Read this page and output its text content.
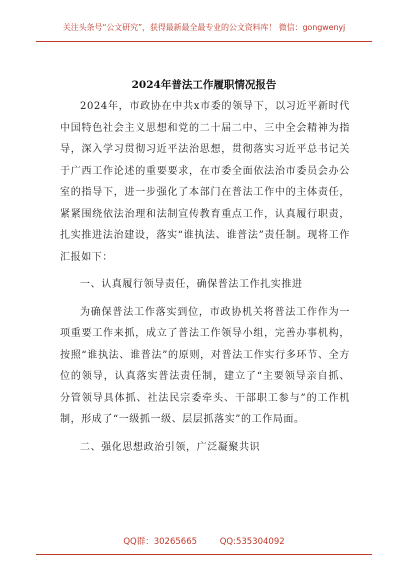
关注头条号“公文研究”，获得最新最全最专业的公文资料库！ 微信：gongwenyj
2024年普法工作履职情况报告

2024年，市政协在中共x市委的领导下，以习近平新时代中国特色社会主义思想和党的二十届二中、三中全会精神为指导，深入学习贯彻习近平法治思想，贯彻落实习近平总书记关于广西工作论述的重要要求，在市委全面依法治市委员会办公室的指导下，进一步强化了本部门在普法工作中的主体责任，紧紧围绕依法治理和法制宣传教育重点工作，认真履行职责，扎实推进法治建设，落实“谁执法、谁普法”责任制。现将工作汇报如下：

一、认真履行领导责任，确保普法工作扎实推进

为确保普法工作落实到位，市政协机关将普法工作作为一项重要工作来抓，成立了普法工作领导小组，完善办事机构，按照“谁执法、谁普法”的原则，对普法工作实行多环节、全方位的领导，认真落实普法责任制，建立了“主要领导亲自抓、分管领导具体抓、社法民宗委牵头、干部职工参与”的工作机制，形成了“一级抓一级、层层抓落实”的工作局面。

二、强化思想政治引领，广泛凝聚共识

QQ群：30265665	QQ:535304092
